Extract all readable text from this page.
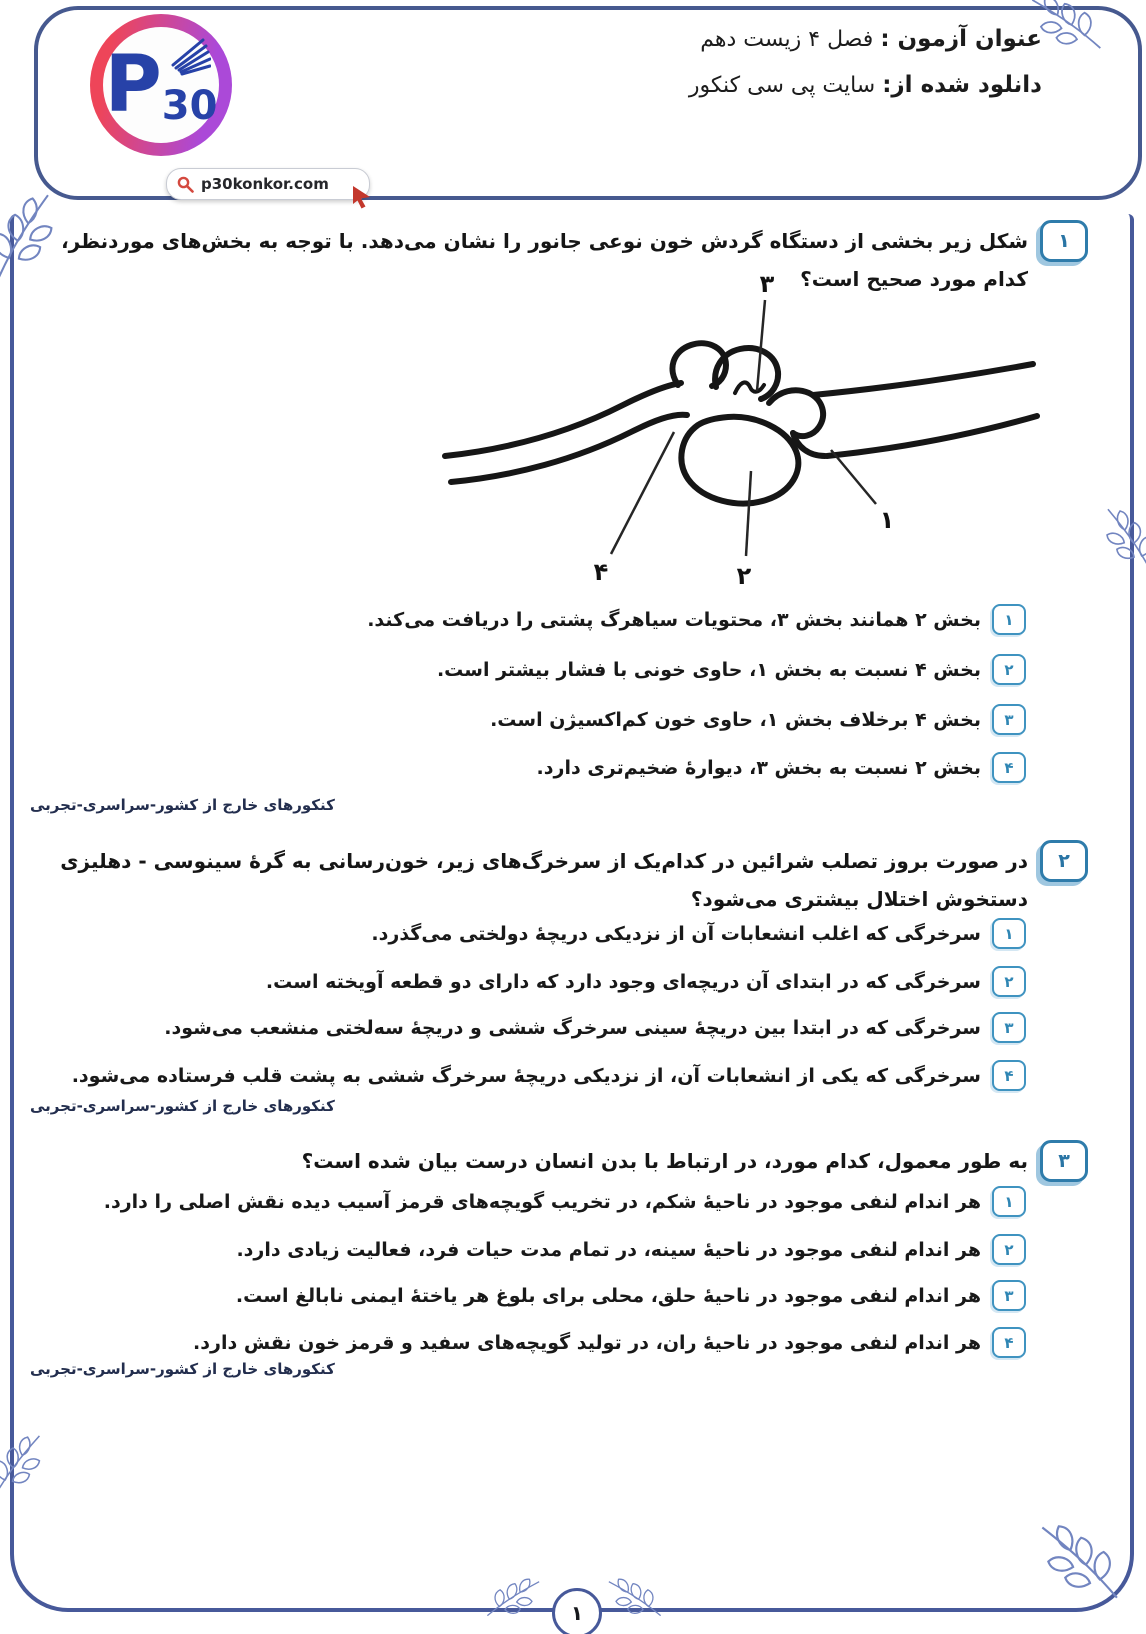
P 30
p30konkor.com
عنوان آزمون : فصل ۴ زیست دهم
دانلود شده از: سایت پی سی کنکور
۱
شکل زیر بخشی از دستگاه گردش خون نوعی جانور را نشان می‌دهد. با توجه به بخش‌های موردنظر، کدام مورد صحیح است؟
۳
۲
۱
۴
۱
بخش ۲ همانند بخش ۳، محتویات سیاهرگ پشتی را دریافت می‌کند.
۲
بخش ۴ نسبت به بخش ۱، حاوی خونی با فشار بیشتر است.
۳
بخش ۴ برخلاف بخش ۱، حاوی خون کم‌اکسیژن است.
۴
بخش ۲ نسبت به بخش ۳، دیوارهٔ ضخیم‌تری دارد.
کنکورهای خارج از کشور-سراسری-تجربی
۲
در صورت بروز تصلب شرائین در کدام‌یک از سرخرگ‌های زیر، خون‌رسانی به گرهٔ سینوسی - دهلیزی دستخوش اختلال بیشتری می‌شود؟
۱
سرخرگی که اغلب انشعابات آن از نزدیکی دریچهٔ دولختی می‌گذرد.
۲
سرخرگی که در ابتدای آن دریچه‌ای وجود دارد که دارای دو قطعه آویخته است.
۳
سرخرگی که در ابتدا بین دریچهٔ سینی سرخرگ ششی و دریچهٔ سه‌لختی منشعب می‌شود.
۴
سرخرگی که یکی از انشعابات آن، از نزدیکی دریچهٔ سرخرگ ششی به پشت قلب فرستاده می‌شود.
کنکورهای خارج از کشور-سراسری-تجربی
۳
به طور معمول، کدام مورد، در ارتباط با بدن انسان درست بیان شده است؟
۱
هر اندام لنفی موجود در ناحیهٔ شکم، در تخریب گویچه‌های قرمز آسیب دیده نقش اصلی را دارد.
۲
هر اندام لنفی موجود در ناحیهٔ سینه، در تمام مدت حیات فرد، فعالیت زیادی دارد.
۳
هر اندام لنفی موجود در ناحیهٔ حلق، محلی برای بلوغ هر یاختهٔ ایمنی نابالغ است.
۴
هر اندام لنفی موجود در ناحیهٔ ران، در تولید گویچه‌های سفید و قرمز خون نقش دارد.
کنکورهای خارج از کشور-سراسری-تجربی
۱
